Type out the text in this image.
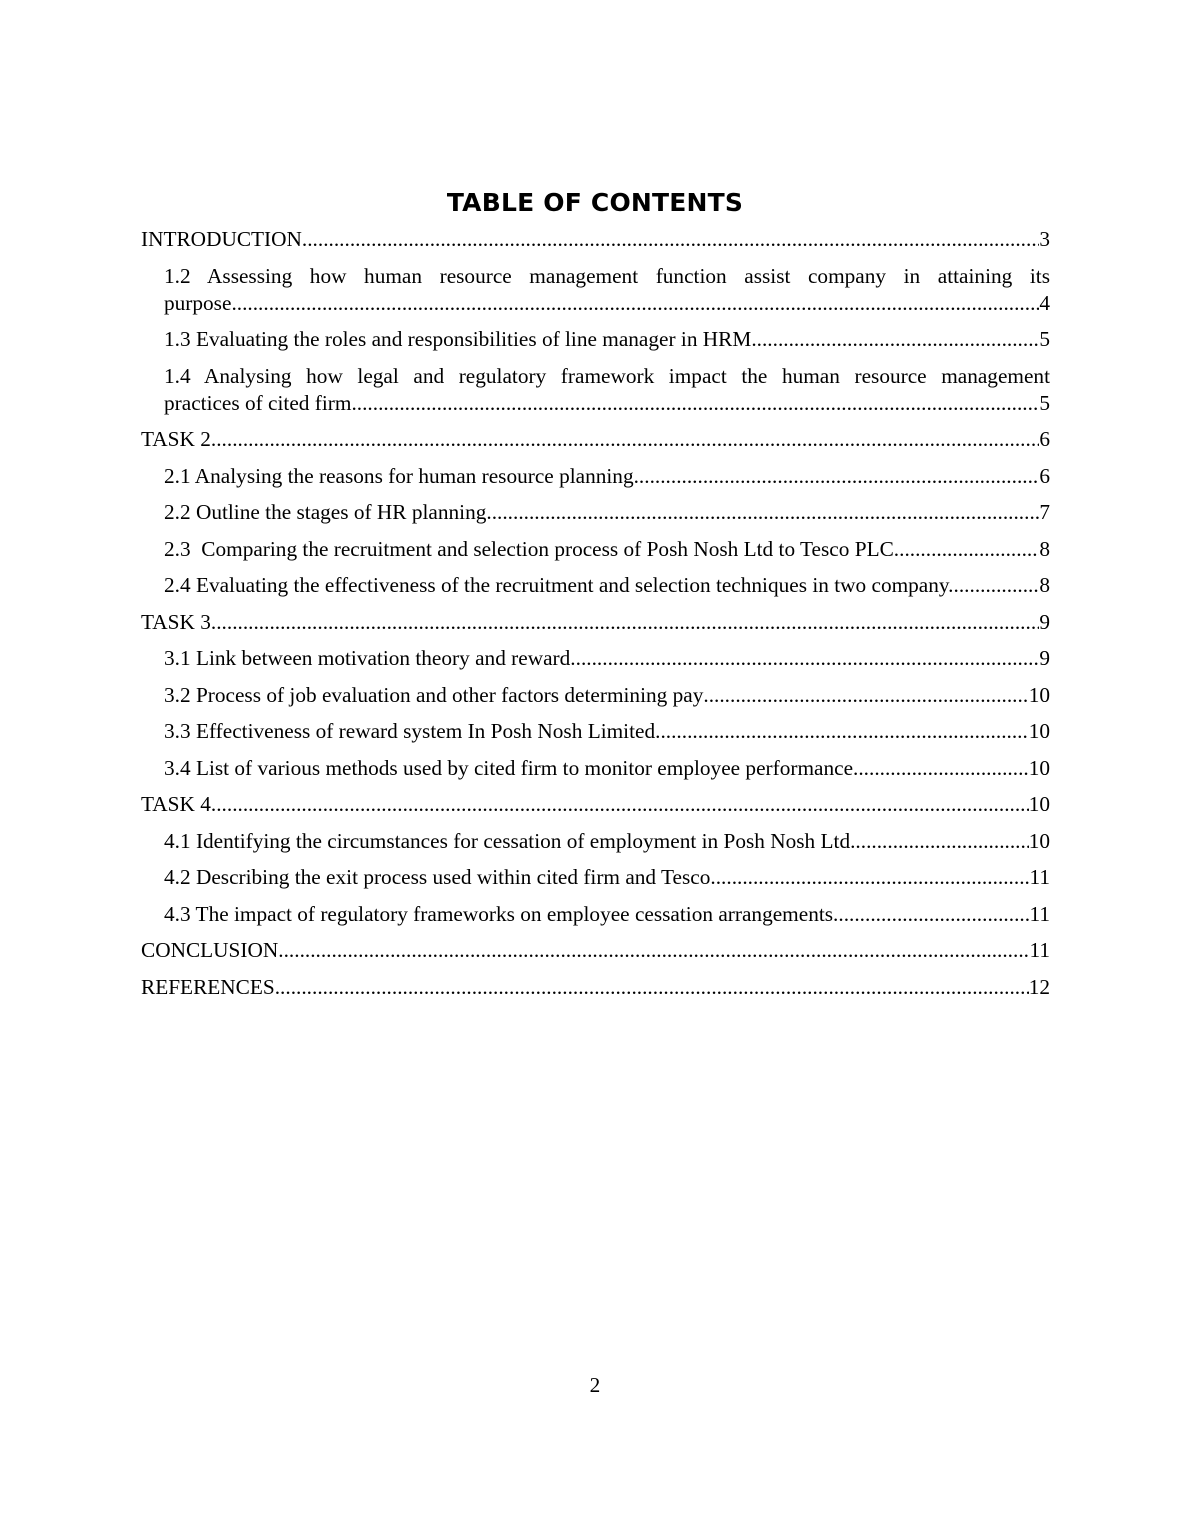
TABLE OF CONTENTS
INTRODUCTION .....	3
1.2 Assessing how human resource management function assist company in attaining its
purpose .....	4
1.3 Evaluating the roles and responsibilities of line manager in HRM .....	5
1.4 Analysing how legal and regulatory framework impact the human resource management
practices of cited firm. .....	5
TASK 2 .....	6
2.1 Analysing the reasons for human resource planning .....	6
2.2 Outline the stages of HR planning .....	7
2.3  Comparing the recruitment and selection process of Posh Nosh Ltd to Tesco PLC .....	8
2.4 Evaluating the effectiveness of the recruitment and selection techniques in two company. .....	8
TASK 3 .....	9
3.1 Link between motivation theory and reward .....	9
3.2 Process of job evaluation and other factors determining pay .....	10
3.3 Effectiveness of reward system In Posh Nosh Limited .....	10
3.4 List of various methods used by cited firm to monitor employee performance .....	10
TASK 4 .....	10
4.1 Identifying the circumstances for cessation of employment in Posh Nosh Ltd .....	10
4.2 Describing the exit process used within cited firm and Tesco .....	11
4.3 The impact of regulatory frameworks on employee cessation arrangements .....	11
CONCLUSION .....	11
REFERENCES .....	12
2
